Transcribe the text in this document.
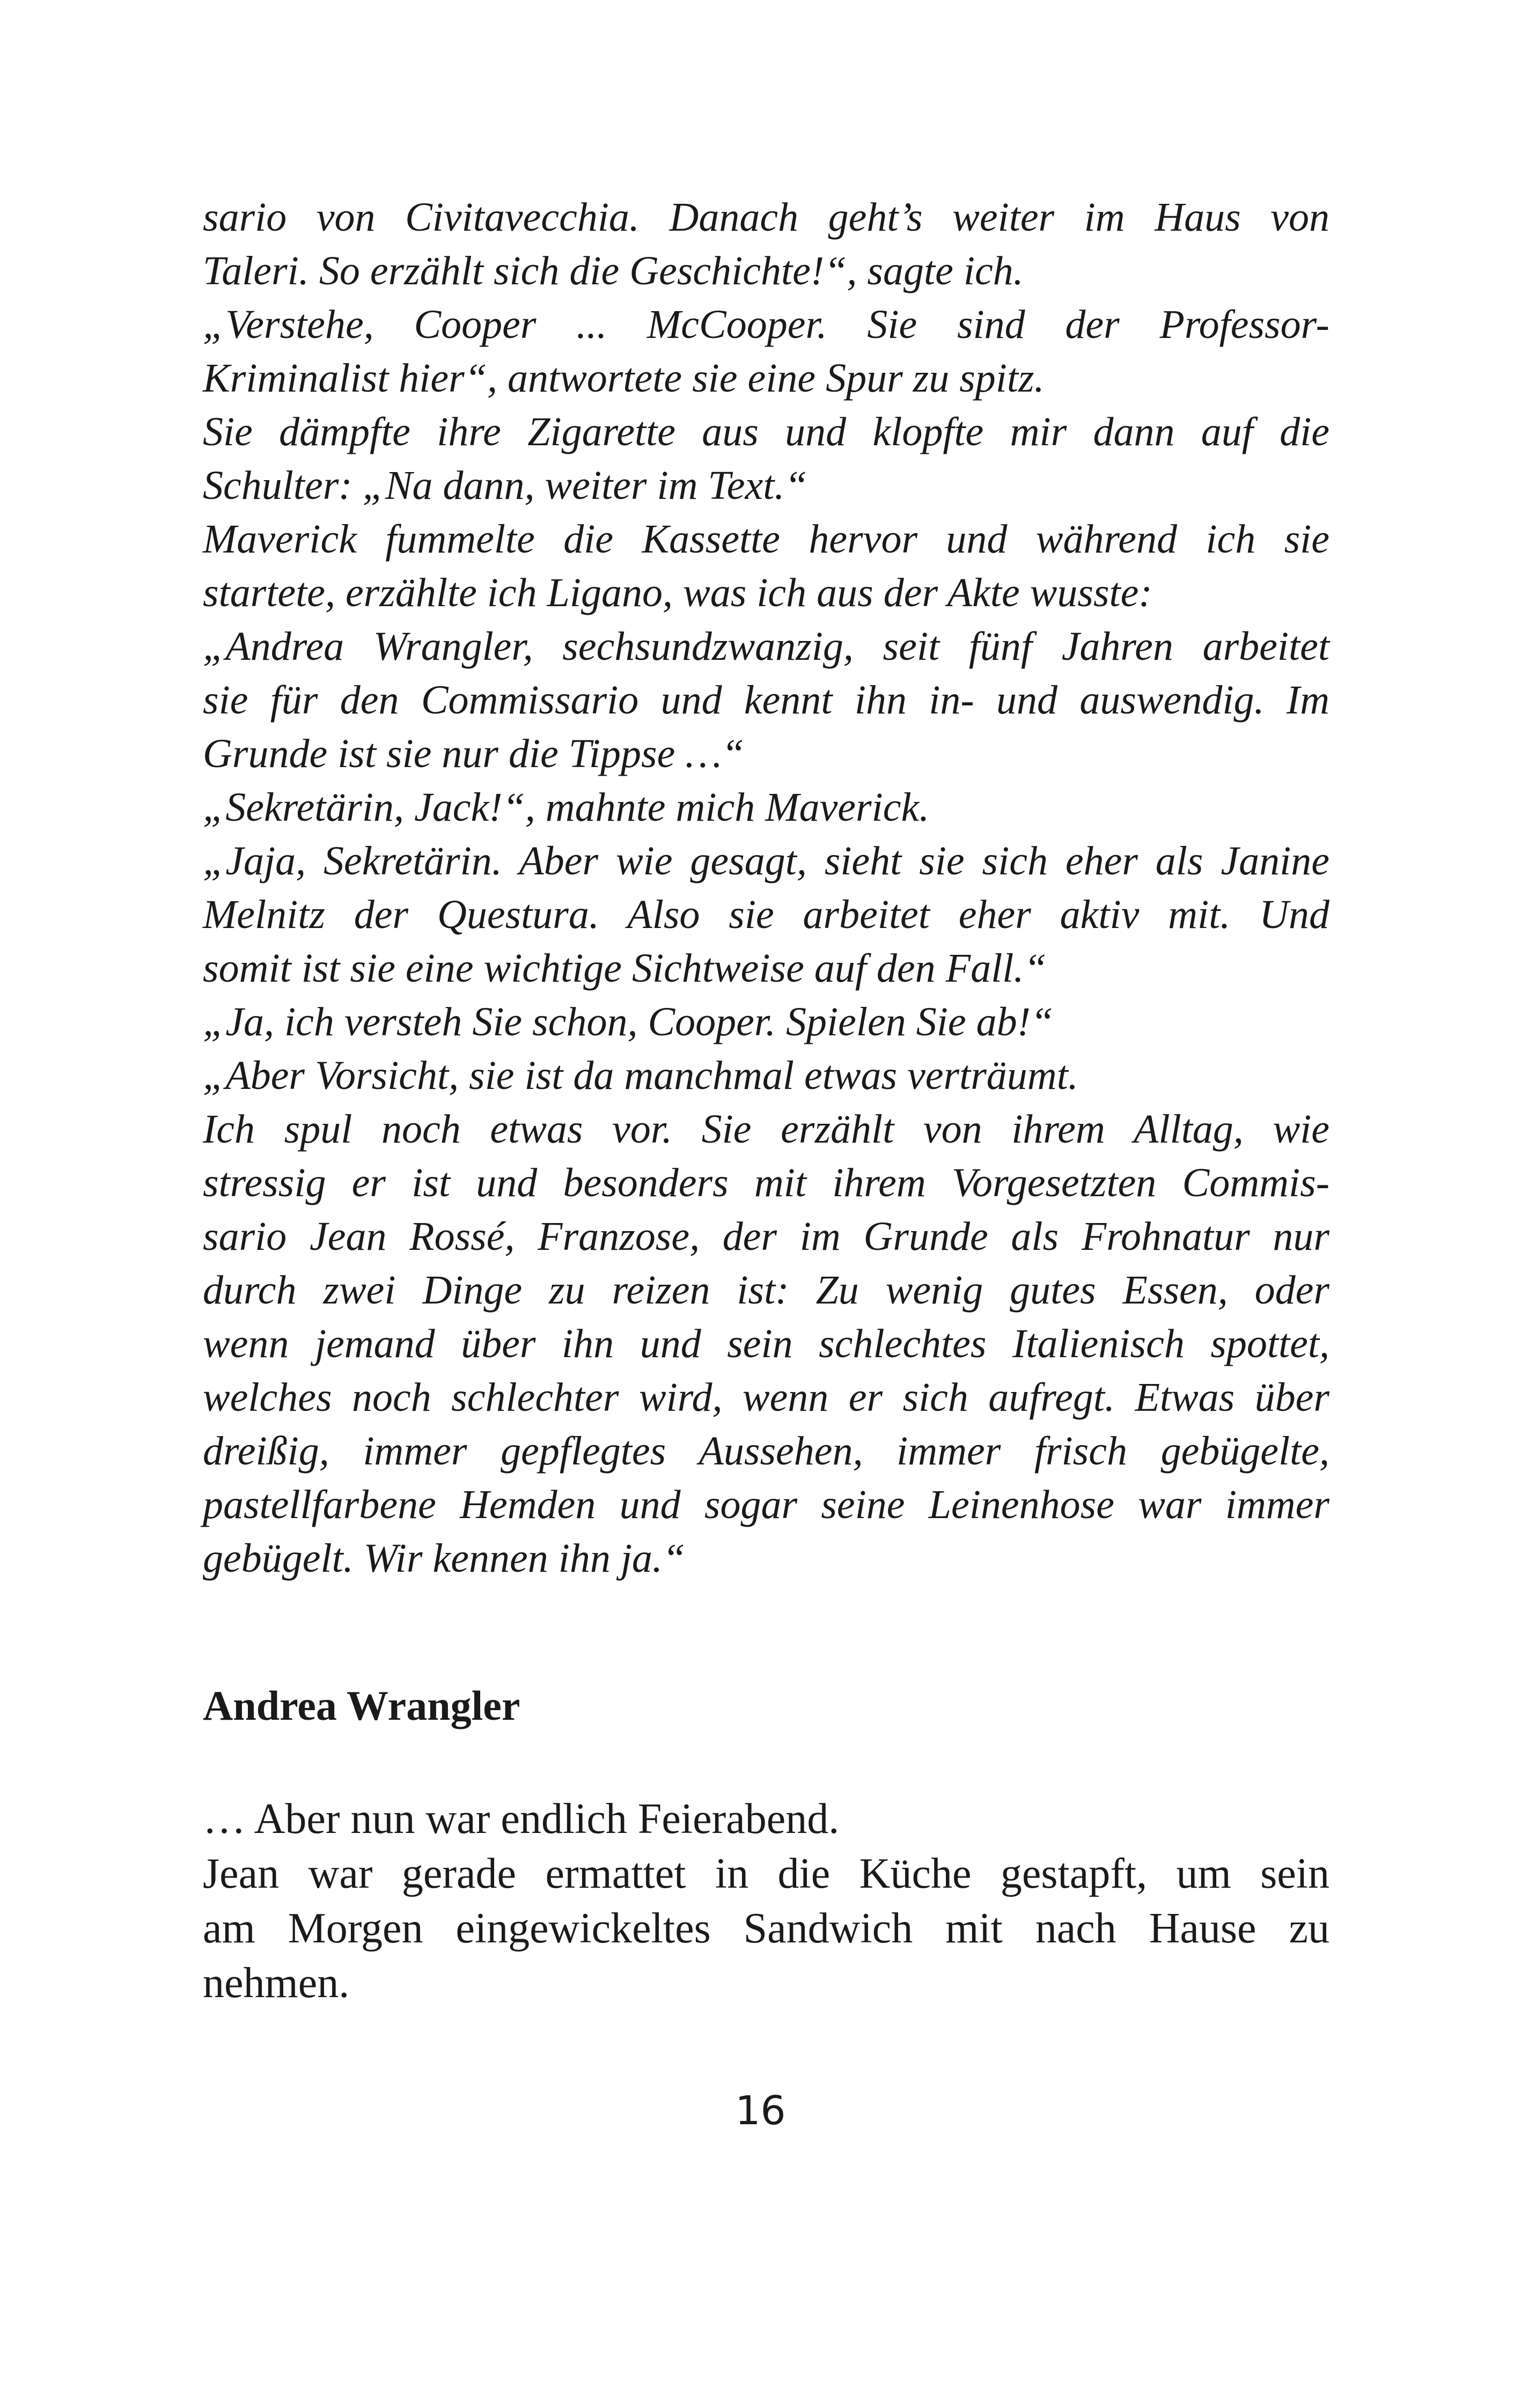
sario von Civitavecchia. Danach geht’s weiter im Haus von
Taleri. So erzählt sich die Geschichte!“, sagte ich.
„Verstehe, Cooper ... McCooper. Sie sind der Professor-
Kriminalist hier“, antwortete sie eine Spur zu spitz.
Sie dämpfte ihre Zigarette aus und klopfte mir dann auf die
Schulter: „Na dann, weiter im Text.“
Maverick fummelte die Kassette hervor und während ich sie
startete, erzählte ich Ligano, was ich aus der Akte wusste:
„Andrea Wrangler, sechsundzwanzig, seit fünf Jahren arbeitet
sie für den Commissario und kennt ihn in- und auswendig. Im
Grunde ist sie nur die Tippse …“
„Sekretärin, Jack!“, mahnte mich Maverick.
„Jaja, Sekretärin. Aber wie gesagt, sieht sie sich eher als Janine
Melnitz der Questura. Also sie arbeitet eher aktiv mit. Und
somit ist sie eine wichtige Sichtweise auf den Fall.“
„Ja, ich versteh Sie schon, Cooper. Spielen Sie ab!“
„Aber Vorsicht, sie ist da manchmal etwas verträumt.
Ich spul noch etwas vor. Sie erzählt von ihrem Alltag, wie
stressig er ist und besonders mit ihrem Vorgesetzten Commis-
sario Jean Rossé, Franzose, der im Grunde als Frohnatur nur
durch zwei Dinge zu reizen ist: Zu wenig gutes Essen, oder
wenn jemand über ihn und sein schlechtes Italienisch spottet,
welches noch schlechter wird, wenn er sich aufregt. Etwas über
dreißig, immer gepflegtes Aussehen, immer frisch gebügelte,
pastellfarbene Hemden und sogar seine Leinenhose war immer
gebügelt. Wir kennen ihn ja.“
Andrea Wrangler
… Aber nun war endlich Feierabend.
Jean war gerade ermattet in die Küche gestapft, um sein
am Morgen eingewickeltes Sandwich mit nach Hause zu
nehmen.
16
